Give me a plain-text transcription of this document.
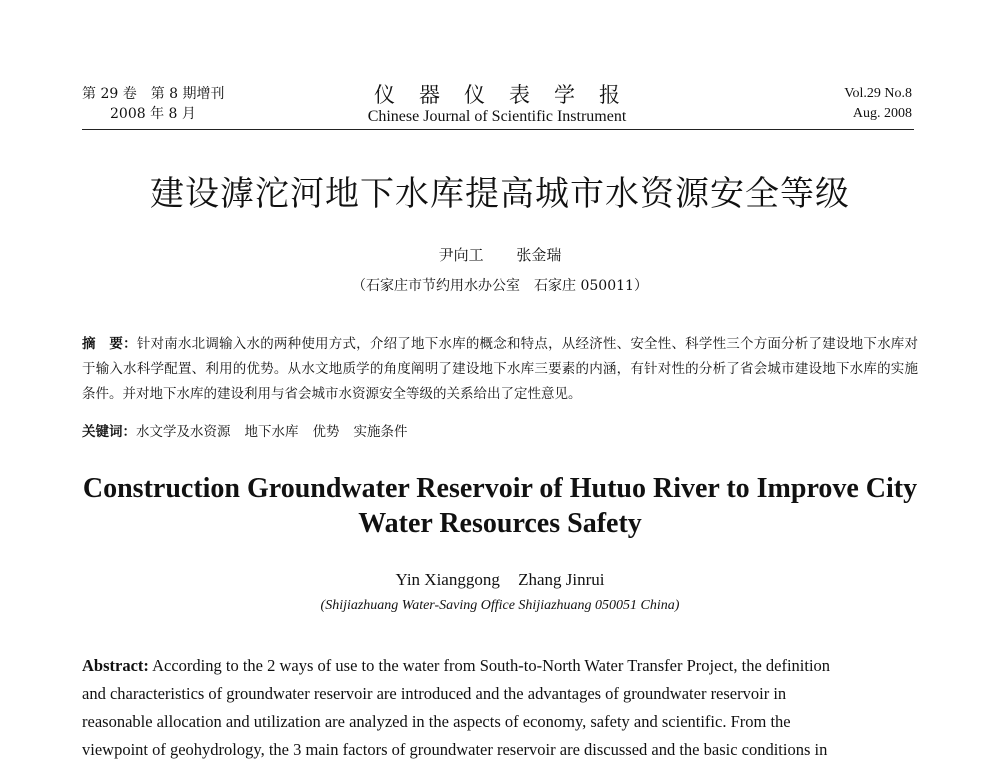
第 29 卷　第 8 期增刊
2008 年 8 月
仪器仪表学报
Chinese Journal of Scientific Instrument
Vol.29 No.8
Aug. 2008
建设滹沱河地下水库提高城市水资源安全等级
尹向工 张金瑞
（石家庄市节约用水办公室　石家庄 050011）
摘　要：针对南水北调输入水的两种使用方式，介绍了地下水库的概念和特点，从经济性、安全性、科学性三个方面分析了建设地下水库对于输入水科学配置、利用的优势。从水文地质学的角度阐明了建设地下水库三要素的内涵，有针对性的分析了省会城市建设地下水库的实施条件。并对地下水库的建设利用与省会城市水资源安全等级的关系给出了定性意见。
关键词：水文学及水资源 地下水库 优势 实施条件
Construction Groundwater Reservoir of Hutuo River to Improve City
Water Resources Safety
Yin Xianggong Zhang Jinrui
(Shijiazhuang Water-Saving Office Shijiazhuang 050051 China)
Abstract: According to the 2 ways of use to the water from South-to-North Water Transfer Project, the definition
and characteristics of groundwater reservoir are introduced and the advantages of groundwater reservoir in
reasonable allocation and utilization are analyzed in the aspects of economy, safety and scientific. From the
viewpoint of geohydrology, the 3 main factors of groundwater reservoir are discussed and the basic conditions in
